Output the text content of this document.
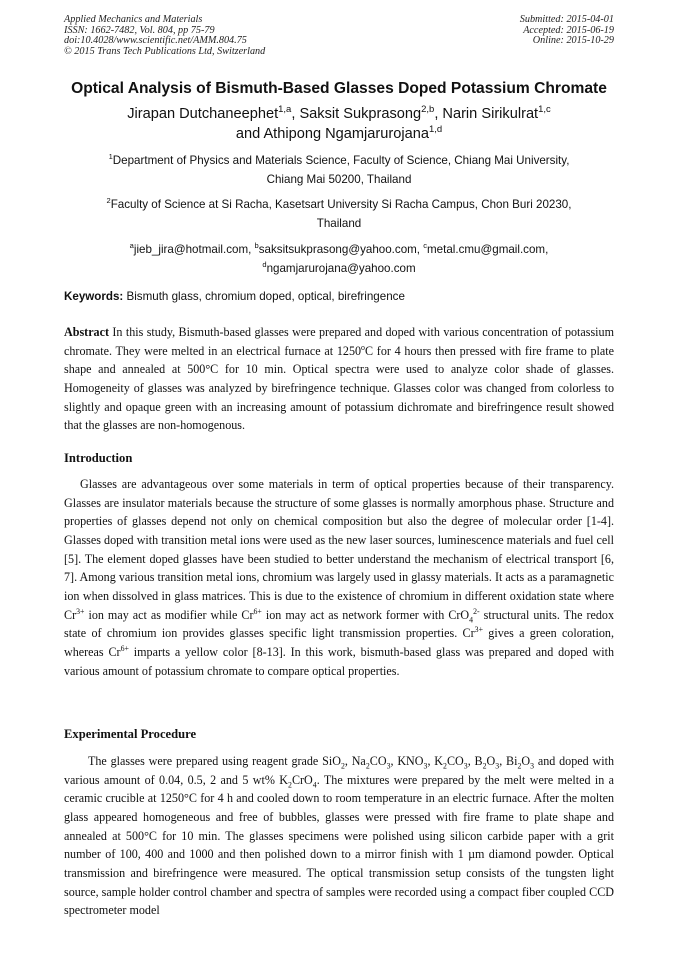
Applied Mechanics and Materials
ISSN: 1662-7482, Vol. 804, pp 75-79
doi:10.4028/www.scientific.net/AMM.804.75
© 2015 Trans Tech Publications Ltd, Switzerland
Submitted: 2015-04-01
Accepted: 2015-06-19
Online: 2015-10-29
Optical Analysis of Bismuth-Based Glasses Doped Potassium Chromate
Jirapan Dutchaneephet$^{1,a}$, Saksit Sukprasong$^{2,b}$, Narin Sirikulrat$^{1,c}$
and Athipong Ngamjarurojana$^{1,d}$
$^1$Department of Physics and Materials Science, Faculty of Science, Chiang Mai University,
Chiang Mai 50200, Thailand
$^2$Faculty of Science at Si Racha, Kasetsart University Si Racha Campus, Chon Buri 20230,
Thailand
$^a$jieb_jira@hotmail.com, $^b$saksitsukprasong@yahoo.com, $^c$metal.cmu@gmail.com,
$^d$ngamjarurojana@yahoo.com
Keywords: Bismuth glass, chromium doped, optical, birefringence
Abstract In this study, Bismuth-based glasses were prepared and doped with various concentration of potassium chromate. They were melted in an electrical furnace at 1250$^o$C for 4 hours then pressed with fire frame to plate shape and annealed at 500°C for 10 min. Optical spectra were used to analyze color shade of glasses. Homogeneity of glasses was analyzed by birefringence technique. Glasses color was changed from colorless to slightly and opaque green with an increasing amount of potassium dichromate and birefringence result showed that the glasses are non-homogenous.
Introduction
Glasses are advantageous over some materials in term of optical properties because of their transparency. Glasses are insulator materials because the structure of some glasses is normally amorphous phase. Structure and properties of glasses depend not only on chemical composition but also the degree of molecular order [1-4]. Glasses doped with transition metal ions were used as the new laser sources, luminescence materials and fuel cell [5]. The element doped glasses have been studied to better understand the mechanism of electrical transport [6, 7]. Among various transition metal ions, chromium was largely used in glassy materials. It acts as a paramagnetic ion when dissolved in glass matrices. This is due to the existence of chromium in different oxidation state where $Cr^{3+}$ ion may act as modifier while $Cr^{6+}$ ion may act as network former with CrO$_4^{2-}$ structural units. The redox state of chromium ion provides glasses specific light transmission properties. $Cr^{3+}$ gives a green coloration, whereas $Cr^{6+}$ imparts a yellow color [8-13]. In this work, bismuth-based glass was prepared and doped with various amount of potassium chromate to compare optical properties.
Experimental Procedure
The glasses were prepared using reagent grade SiO$_2$, $Na_2CO_3$, $KNO_3$, $K_2CO_3$, $B_2O_3$, $Bi_2O_3$ and doped with various amount of 0.04, 0.5, 2 and 5 wt% $K_2CrO_4$. The mixtures were prepared by the melt were melted in a ceramic crucible at 1250°C for 4 h and cooled down to room temperature in an electric furnace. After the molten glass appeared homogeneous and free of bubbles, glasses were pressed with fire frame to plate shape and annealed at 500°C for 10 min. The glasses specimens were polished using silicon carbide paper with a grit number of 100, 400 and 1000 and then polished down to a mirror finish with 1 µm diamond powder. Optical transmission and birefringence were measured. The optical transmission setup consists of the tungsten light source, sample holder control chamber and spectra of samples were recorded using a compact fiber coupled CCD spectrometer model
